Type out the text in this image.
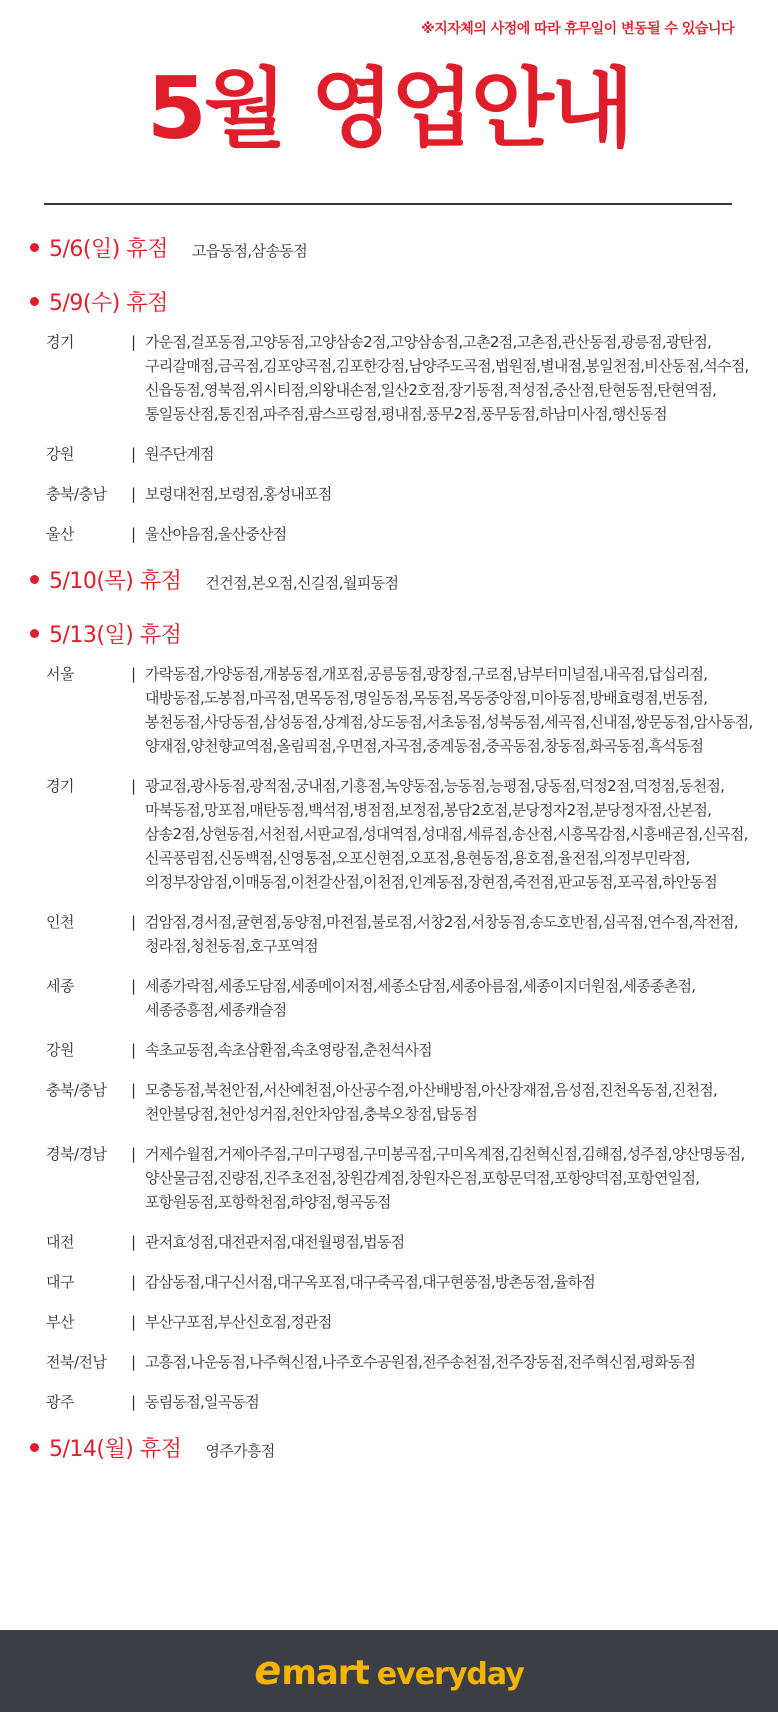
※지자체의 사정에 따라 휴무일이 변동될 수 있습니다
5월 영업안내
5/6(일) 휴점 고읍동점,삼송동점
5/9(수) 휴점
경기	| 가운점,걸포동점,고양동점,고양삼송2점,고양삼송점,고촌2점,고촌점,관산동점,광릉점,광탄점,구리갈매점,금곡점,김포양곡점,김포한강점,남양주도곡점,법원점,별내점,봉일천점,비산동점,석수점,신읍동점,영북점,위시티점,의왕내손점,일산2호점,장기동점,적성점,중산점,탄현동점,탄현역점,통일동산점,통진점,파주점,팜스프링점,평내점,풍무2점,풍무동점,하남미사점,행신동점
강원	| 원주단계점
충북/충남	| 보령대천점,보령점,홍성내포점
울산	| 울산야음점,울산중산점
5/10(목) 휴점 건건점,본오점,신길점,월피동점
5/13(일) 휴점
서울	| 가락동점,가양동점,개봉동점,개포점,공릉동점,광장점,구로점,남부터미널점,내곡점,답십리점,대방동점,도봉점,마곡점,면목동점,명일동점,목동점,목동중앙점,미아동점,방배효령점,번동점,봉천동점,사당동점,삼성동점,상계점,상도동점,서초동점,성북동점,세곡점,신내점,쌍문동점,암사동점,양재점,양천향교역점,올림픽점,우면점,자곡점,중계동점,중곡동점,창동점,화곡동점,흑석동점
경기	| 광교점,광사동점,광적점,궁내점,기흥점,녹양동점,능동점,능평점,당동점,덕정2점,덕정점,동천점,마북동점,망포점,매탄동점,백석점,병점점,보정점,봉담2호점,분당정자2점,분당정자점,산본점,삼송2점,상현동점,서천점,서판교점,성대역점,성대점,세류점,송산점,시흥목감점,시흥배곧점,신곡점,신곡풍림점,신동백점,신영통점,오포신현점,오포점,용현동점,용호점,율전점,의정부민락점,의정부장암점,이매동점,이천갈산점,이천점,인계동점,장현점,죽전점,판교동점,포곡점,하안동점
인천	| 검암점,경서점,귤현점,동양점,마전점,불로점,서창2점,서창동점,송도호반점,심곡점,연수점,작전점,청라점,청천동점,호구포역점
세종	| 세종가락점,세종도담점,세종메이저점,세종소담점,세종아름점,세종이지더원점,세종종촌점,세종중흥점,세종캐슬점
강원	| 속초교동점,속초삼환점,속초영랑점,춘천석사점
충북/충남	| 모충동점,북천안점,서산예천점,아산공수점,아산배방점,아산장재점,음성점,진천옥동점,진천점,천안불당점,천안성거점,천안차암점,충북오창점,탑동점
경북/경남	| 거제수월점,거제아주점,구미구평점,구미봉곡점,구미옥계점,김천혁신점,김해점,성주점,양산명동점,양산물금점,진량점,진주초전점,창원감계점,창원자은점,포항문덕점,포항양덕점,포항연일점,포항원동점,포항학천점,하양점,형곡동점
대전	| 관저효성점,대전관저점,대전월평점,법동점
대구	| 감삼동점,대구신서점,대구옥포점,대구죽곡점,대구현풍점,방촌동점,율하점
부산	| 부산구포점,부산신호점,정관점
전북/전남	| 고흥점,나운동점,나주혁신점,나주호수공원점,전주송천점,전주장동점,전주혁신점,평화동점
광주	| 동림동점,일곡동점
5/14(월) 휴점 영주가흥점
e mart everyday
